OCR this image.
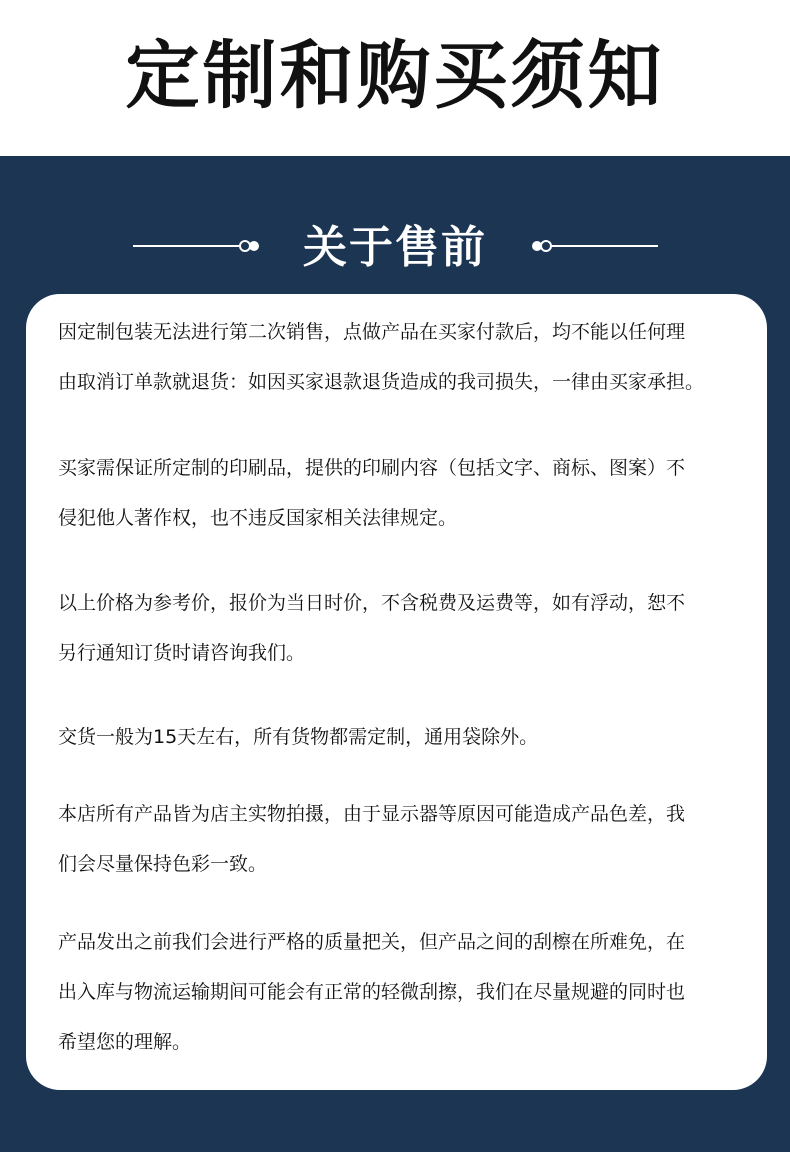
定制和购买须知
关于售前

因定制包装无法进行第二次销售，点做产品在买家付款后，均不能以任何理
由取消订单款就退货：如因买家退款退货造成的我司损失，一律由买家承担。

买家需保证所定制的印刷品，提供的印刷内容（包括文字、商标、图案）不
侵犯他人著作权，也不违反国家相关法律规定。

以上价格为参考价，报价为当日时价，不含税费及运费等，如有浮动，恕不
另行通知订货时请咨询我们。

交货一般为15天左右，所有货物都需定制，通用袋除外。

本店所有产品皆为店主实物拍摄，由于显示器等原因可能造成产品色差，我
们会尽量保持色彩一致。

产品发出之前我们会进行严格的质量把关，但产品之间的刮檫在所难免，在
出入库与物流运输期间可能会有正常的轻微刮擦，我们在尽量规避的同时也
希望您的理解。
